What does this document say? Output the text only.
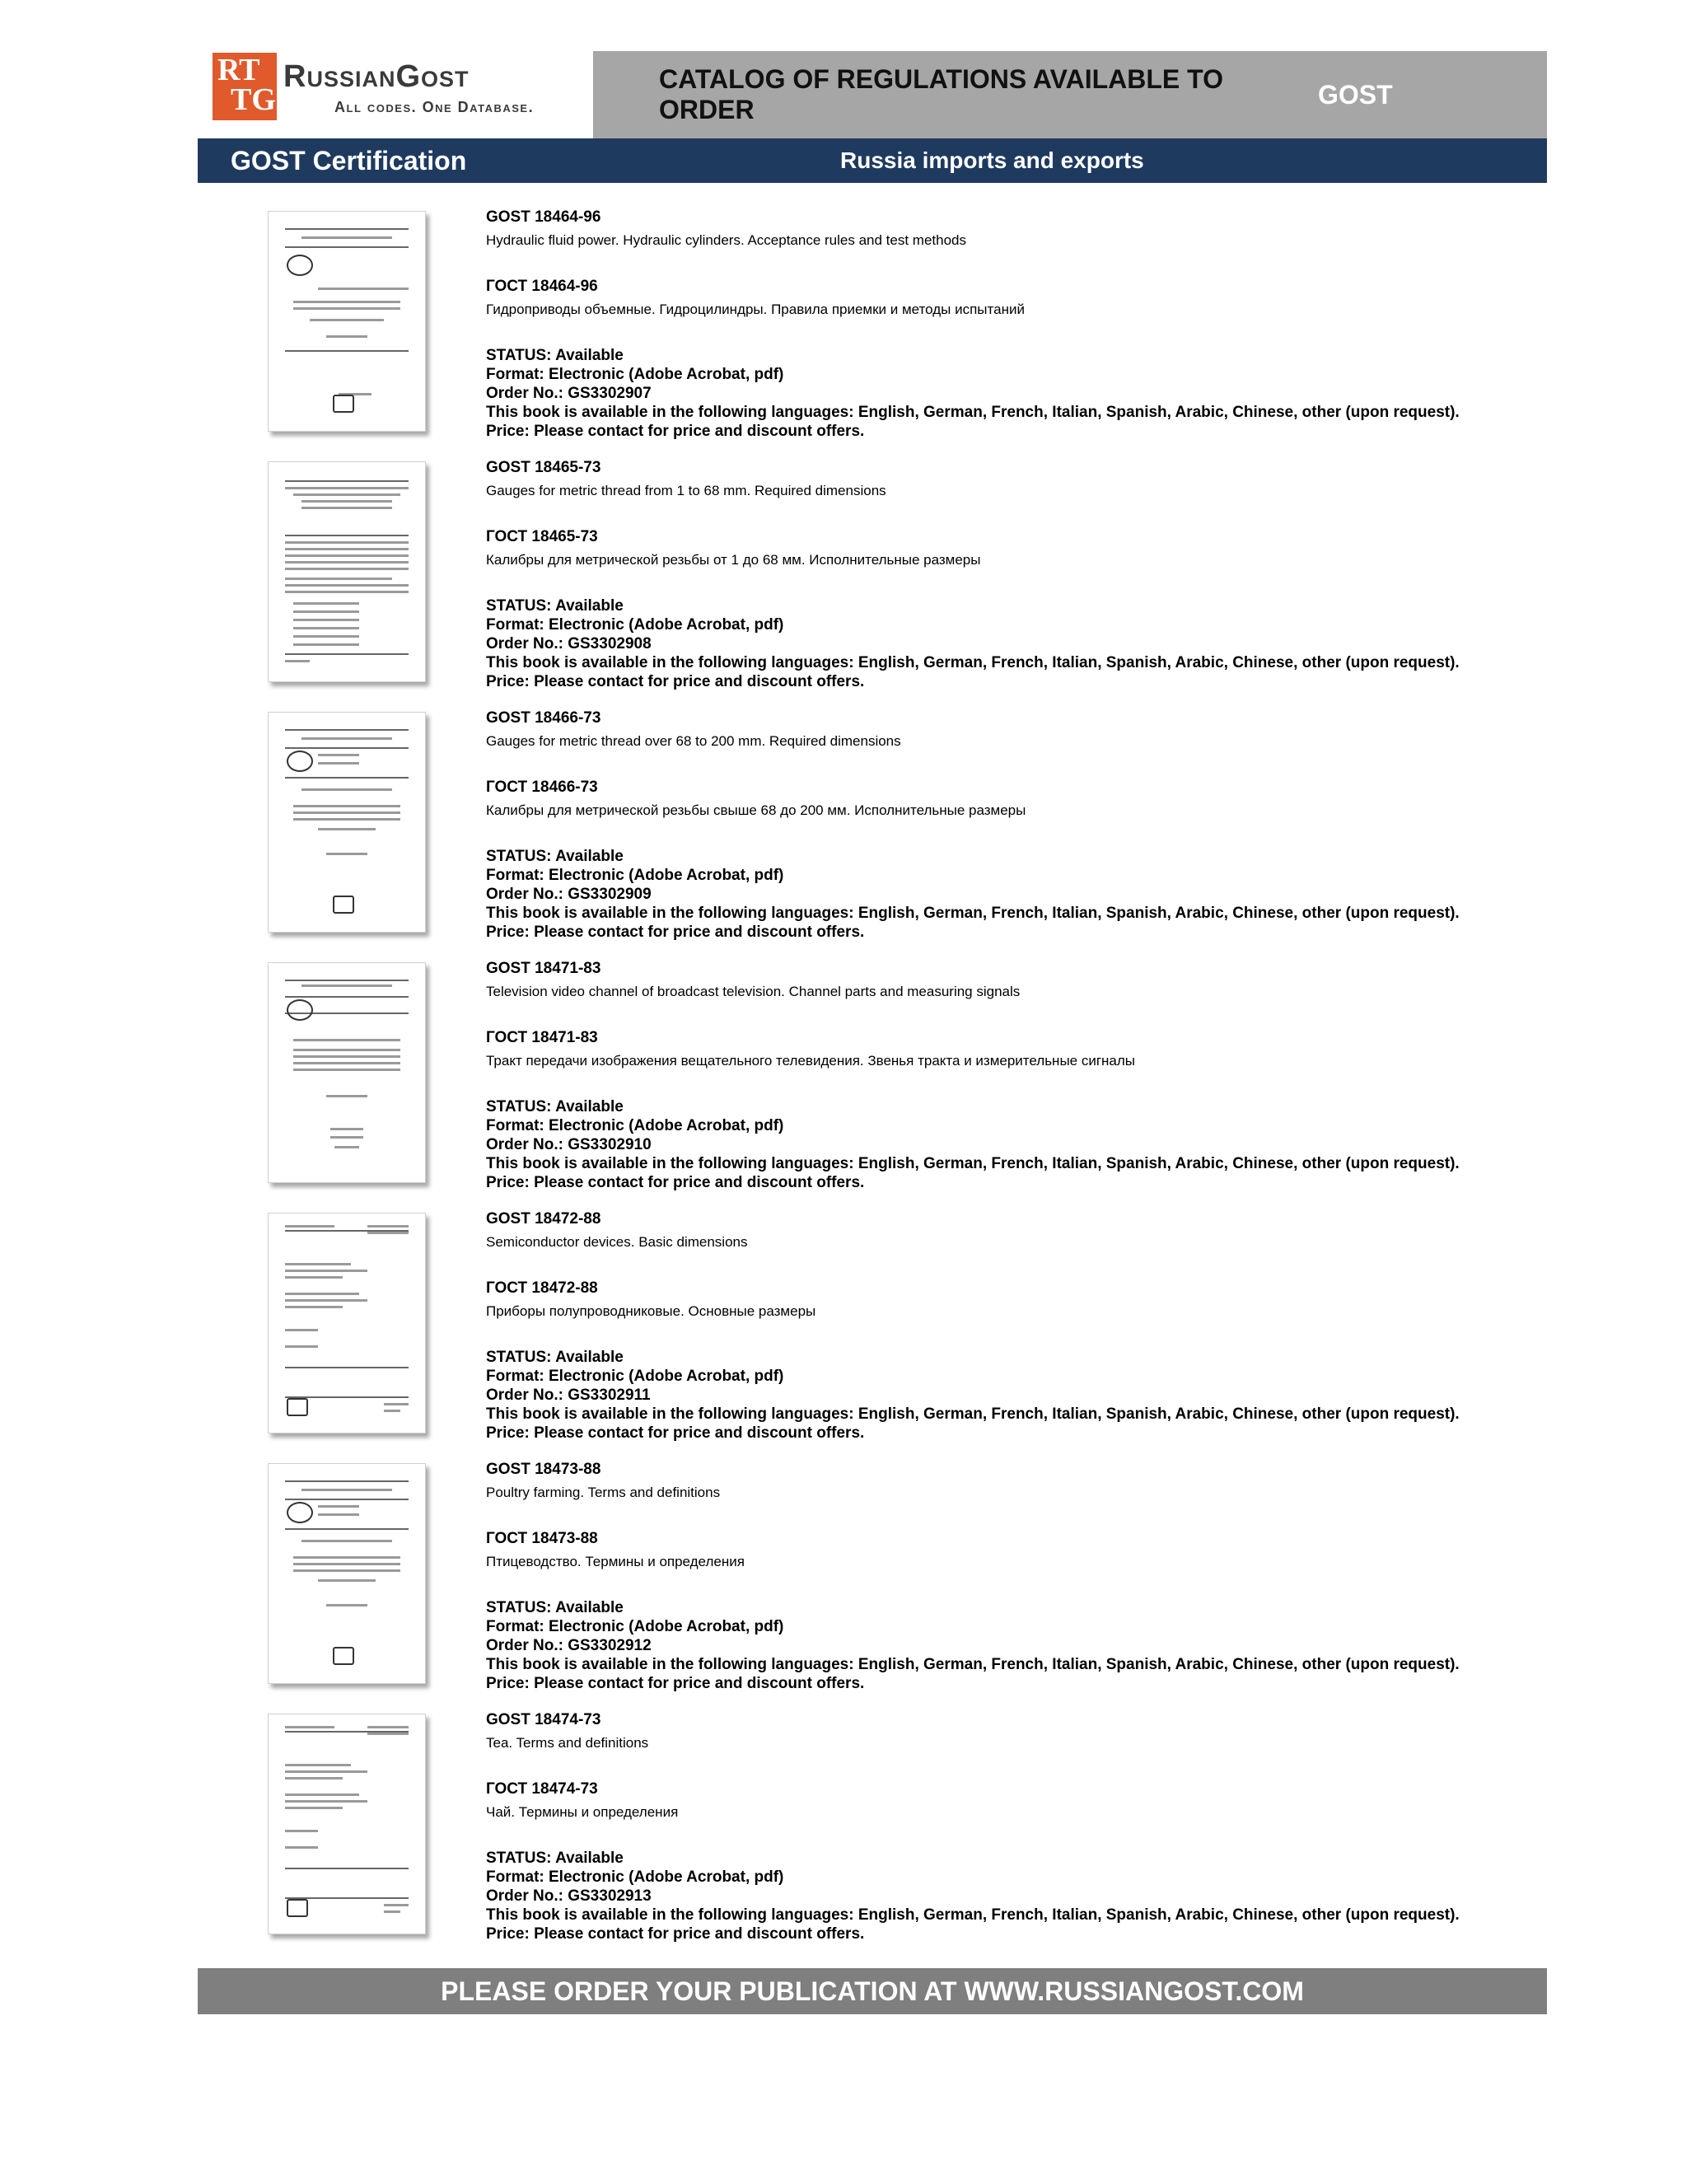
RT
TG
RussianGost
All codes. One Database.
CATALOG OF REGULATIONS AVAILABLE TO ORDER
GOST
GOST Certification	Russia imports and exports
GOST 18464-96
Hydraulic fluid power. Hydraulic cylinders. Acceptance rules and test methods
ГОСТ 18464-96
Гидроприводы объемные. Гидроцилиндры. Правила приемки и методы испытаний
STATUS: Available
Format: Electronic (Adobe Acrobat, pdf)
Order No.: GS3302907
This book is available in the following languages: English, German, French, Italian, Spanish, Arabic, Chinese, other (upon request).
Price: Please contact for price and discount offers.
GOST 18465-73
Gauges for metric thread from 1 to 68 mm. Required dimensions
ГОСТ 18465-73
Калибры для метрической резьбы от 1 до 68 мм. Исполнительные размеры
STATUS: Available
Format: Electronic (Adobe Acrobat, pdf)
Order No.: GS3302908
This book is available in the following languages: English, German, French, Italian, Spanish, Arabic, Chinese, other (upon request).
Price: Please contact for price and discount offers.
GOST 18466-73
Gauges for metric thread over 68 to 200 mm. Required dimensions
ГОСТ 18466-73
Калибры для метрической резьбы свыше 68 до 200 мм. Исполнительные размеры
STATUS: Available
Format: Electronic (Adobe Acrobat, pdf)
Order No.: GS3302909
This book is available in the following languages: English, German, French, Italian, Spanish, Arabic, Chinese, other (upon request).
Price: Please contact for price and discount offers.
GOST 18471-83
Television video channel of broadcast television. Channel parts and measuring signals
ГОСТ 18471-83
Тракт передачи изображения вещательного телевидения. Звенья тракта и измерительные сигналы
STATUS: Available
Format: Electronic (Adobe Acrobat, pdf)
Order No.: GS3302910
This book is available in the following languages: English, German, French, Italian, Spanish, Arabic, Chinese, other (upon request).
Price: Please contact for price and discount offers.
GOST 18472-88
Semiconductor devices. Basic dimensions
ГОСТ 18472-88
Приборы полупроводниковые. Основные размеры
STATUS: Available
Format: Electronic (Adobe Acrobat, pdf)
Order No.: GS3302911
This book is available in the following languages: English, German, French, Italian, Spanish, Arabic, Chinese, other (upon request).
Price: Please contact for price and discount offers.
GOST 18473-88
Poultry farming. Terms and definitions
ГОСТ 18473-88
Птицеводство. Термины и определения
STATUS: Available
Format: Electronic (Adobe Acrobat, pdf)
Order No.: GS3302912
This book is available in the following languages: English, German, French, Italian, Spanish, Arabic, Chinese, other (upon request).
Price: Please contact for price and discount offers.
GOST 18474-73
Tea. Terms and definitions
ГОСТ 18474-73
Чай. Термины и определения
STATUS: Available
Format: Electronic (Adobe Acrobat, pdf)
Order No.: GS3302913
This book is available in the following languages: English, German, French, Italian, Spanish, Arabic, Chinese, other (upon request).
Price: Please contact for price and discount offers.
PLEASE ORDER YOUR PUBLICATION AT WWW.RUSSIANGOST.COM
